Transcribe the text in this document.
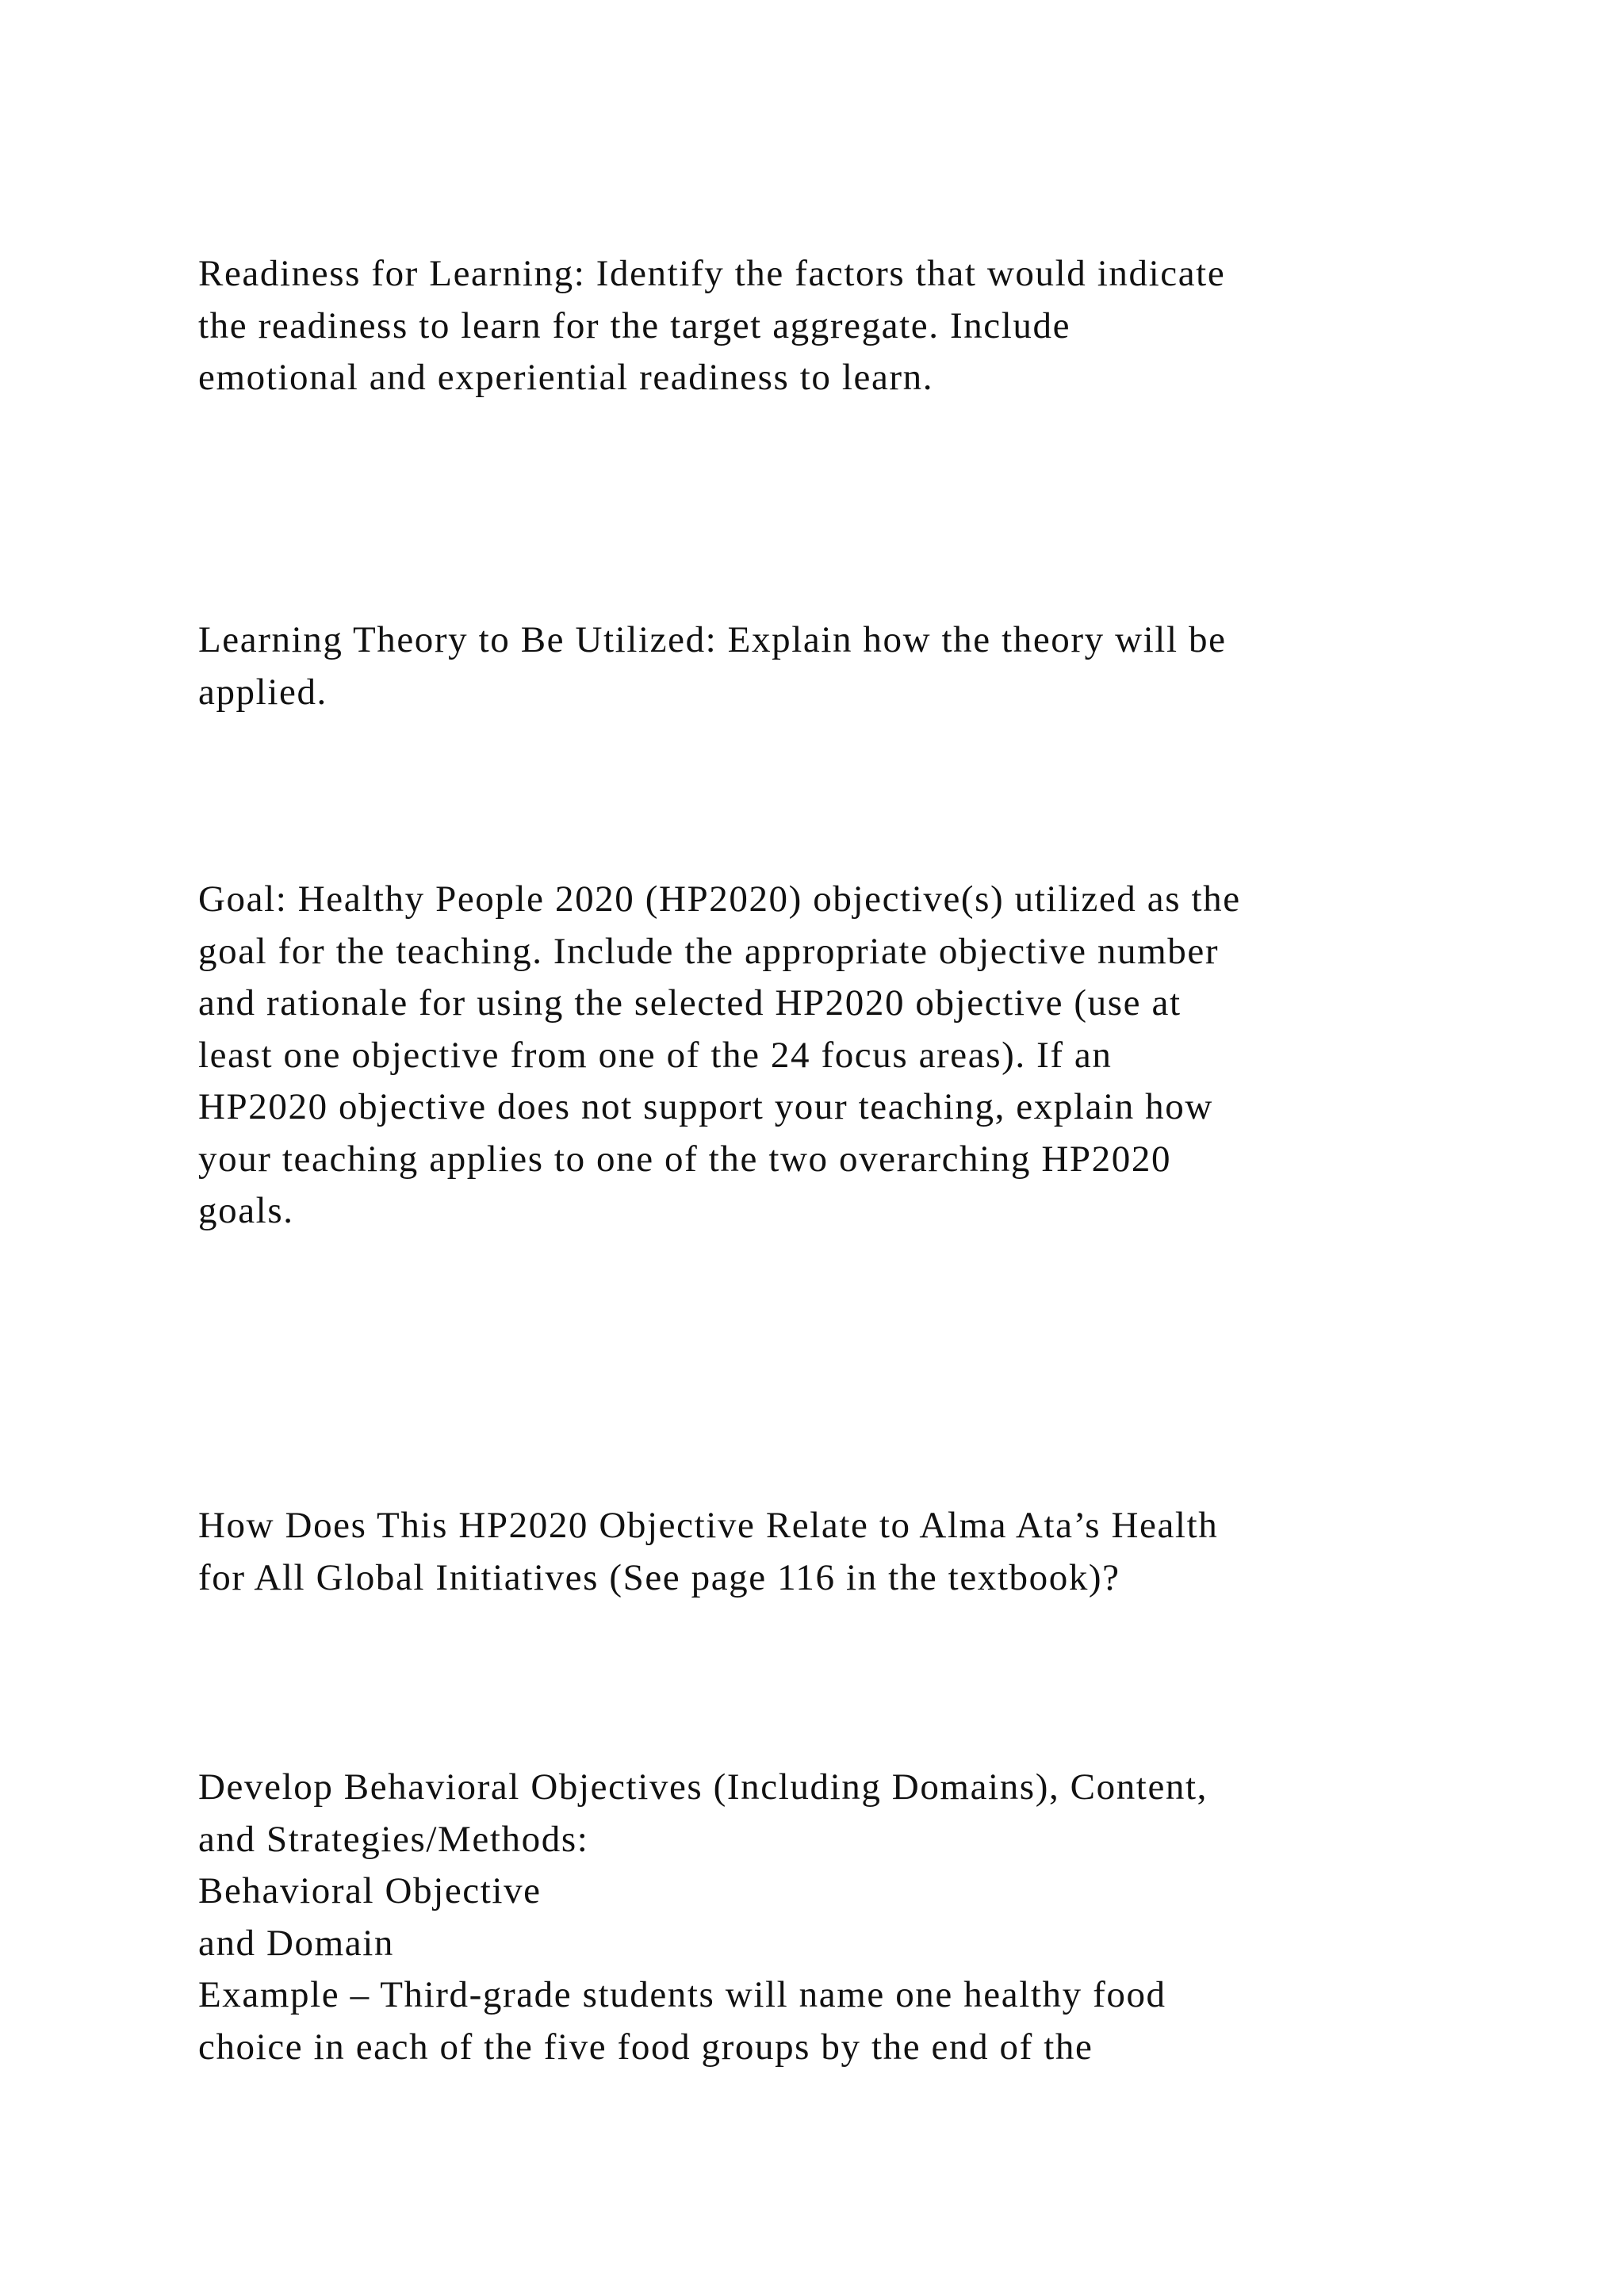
Readiness for Learning: Identify the factors that would indicate
the readiness to learn for the target aggregate. Include
emotional and experiential readiness to learn.

Learning Theory to Be Utilized: Explain how the theory will be
applied.

Goal: Healthy People 2020 (HP2020) objective(s) utilized as the
goal for the teaching. Include the appropriate objective number
and rationale for using the selected HP2020 objective (use at
least one objective from one of the 24 focus areas). If an
HP2020 objective does not support your teaching, explain how
your teaching applies to one of the two overarching HP2020
goals.

How Does This HP2020 Objective Relate to Alma Ata’s Health
for All Global Initiatives (See page 116 in the textbook)?

Develop Behavioral Objectives (Including Domains), Content,
and Strategies/Methods:
Behavioral Objective
and Domain
Example – Third-grade students will name one healthy food
choice in each of the five food groups by the end of the
